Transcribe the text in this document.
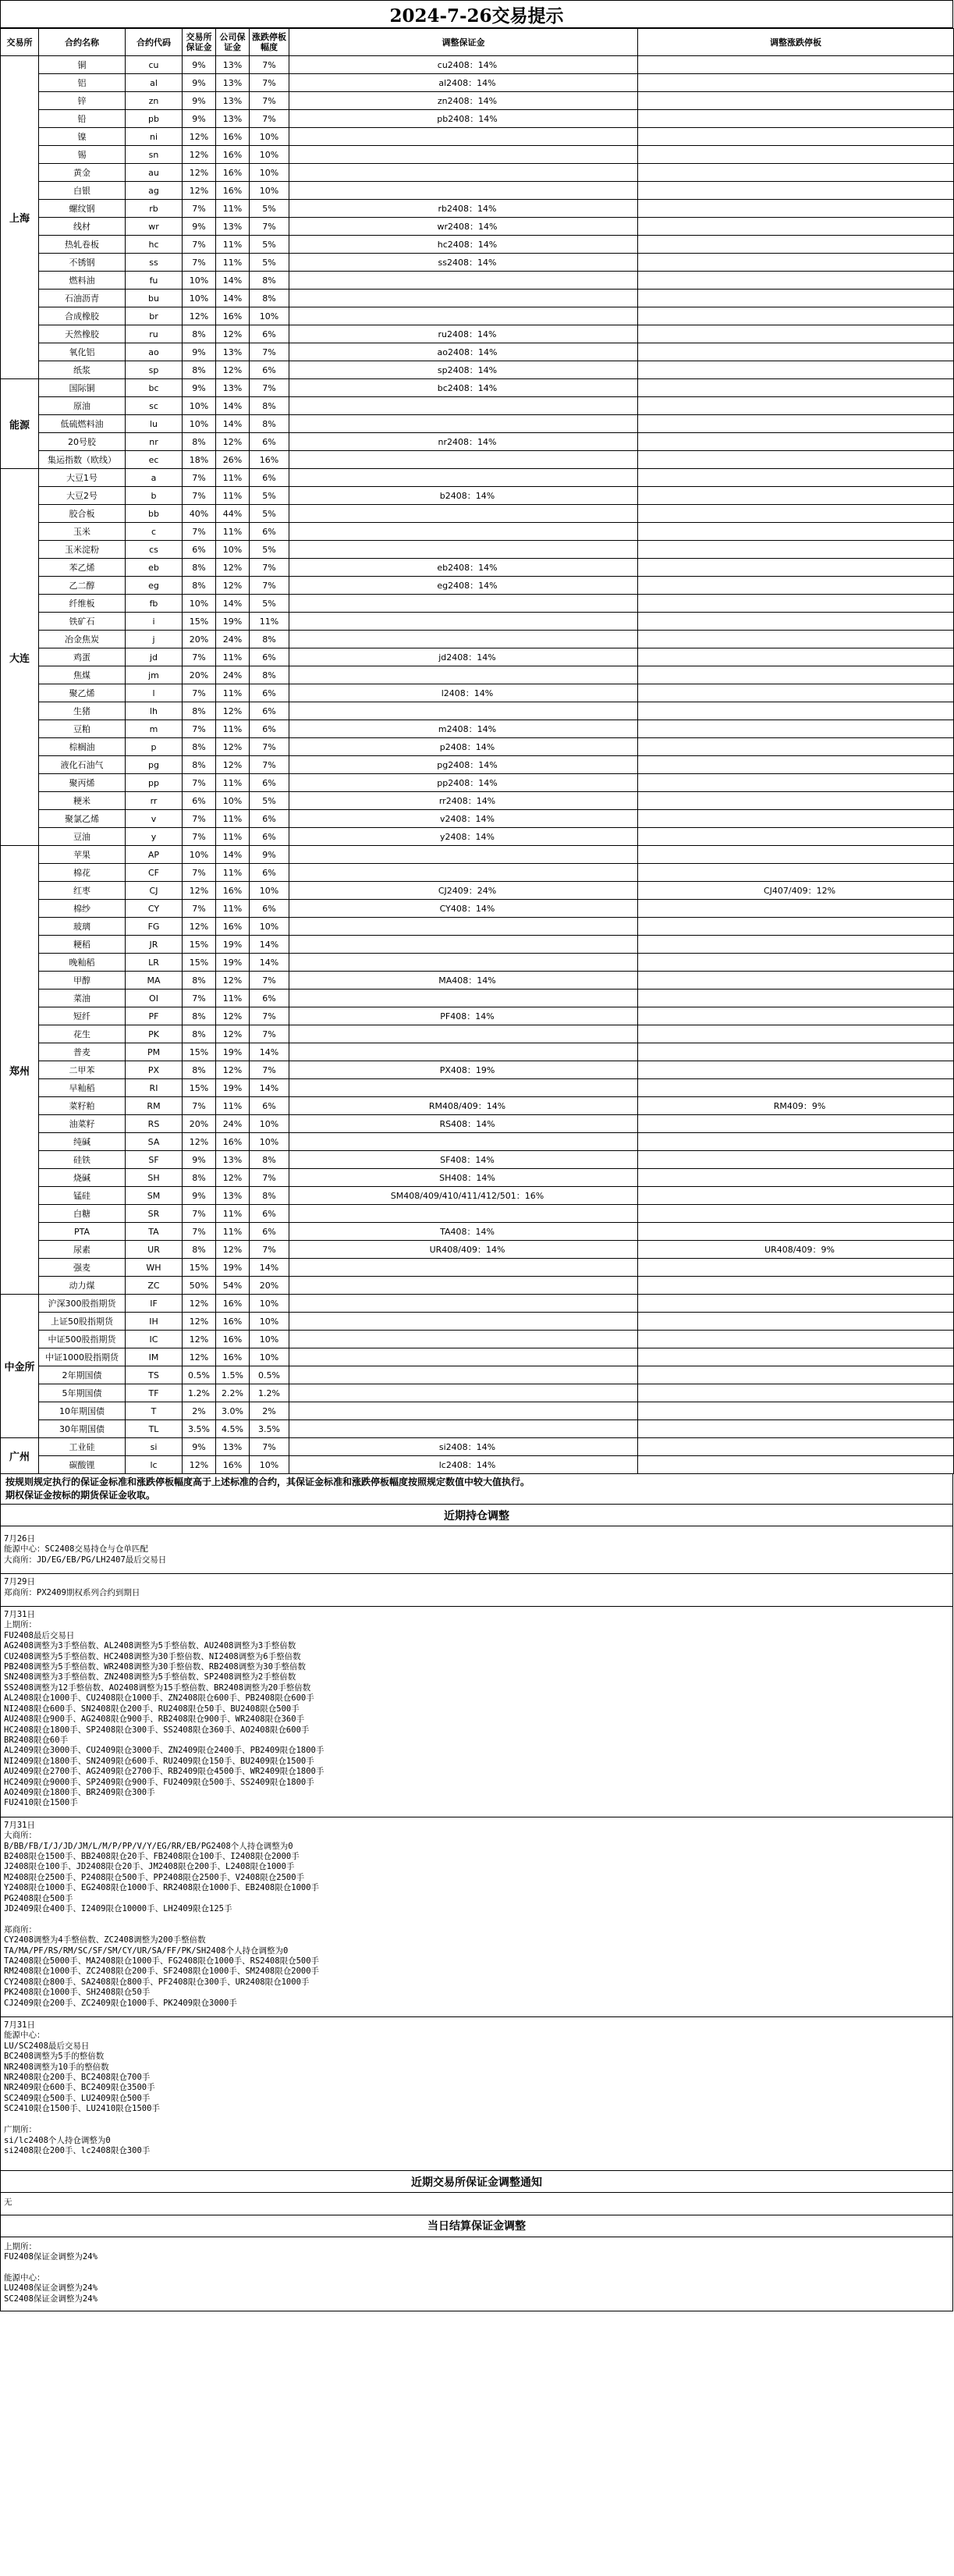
2024-7-26交易提示
交易所	合约名称	合约代码	交易所保证金	公司保证金	涨跌停板幅度	调整保证金	调整涨跌停板
上海	铜	cu	9%	13%	7%	cu2408：14%	
	铝	al	9%	13%	7%	al2408：14%	
	锌	zn	9%	13%	7%	zn2408：14%	
	铅	pb	9%	13%	7%	pb2408：14%	
	镍	ni	12%	16%	10%		
	锡	sn	12%	16%	10%		
	黄金	au	12%	16%	10%		
	白银	ag	12%	16%	10%		
	螺纹钢	rb	7%	11%	5%	rb2408：14%	
	线材	wr	9%	13%	7%	wr2408：14%	
	热轧卷板	hc	7%	11%	5%	hc2408：14%	
	不锈钢	ss	7%	11%	5%	ss2408：14%	
	燃料油	fu	10%	14%	8%		
	石油沥青	bu	10%	14%	8%		
	合成橡胶	br	12%	16%	10%		
	天然橡胶	ru	8%	12%	6%	ru2408：14%	
	氧化铝	ao	9%	13%	7%	ao2408：14%	
	纸浆	sp	8%	12%	6%	sp2408：14%	
能源	国际铜	bc	9%	13%	7%	bc2408：14%	
	原油	sc	10%	14%	8%		
	低硫燃料油	lu	10%	14%	8%		
	20号胶	nr	8%	12%	6%	nr2408：14%	
	集运指数（欧线）	ec	18%	26%	16%		
大连	大豆1号	a	7%	11%	6%		
	大豆2号	b	7%	11%	5%	b2408：14%	
	胶合板	bb	40%	44%	5%		
	玉米	c	7%	11%	6%		
	玉米淀粉	cs	6%	10%	5%		
	苯乙烯	eb	8%	12%	7%	eb2408：14%	
	乙二醇	eg	8%	12%	7%	eg2408：14%	
	纤维板	fb	10%	14%	5%		
	铁矿石	i	15%	19%	11%		
	冶金焦炭	j	20%	24%	8%		
	鸡蛋	jd	7%	11%	6%	jd2408：14%	
	焦煤	jm	20%	24%	8%		
	聚乙烯	l	7%	11%	6%	l2408：14%	
	生猪	lh	8%	12%	6%		
	豆粕	m	7%	11%	6%	m2408：14%	
	棕榈油	p	8%	12%	7%	p2408：14%	
	液化石油气	pg	8%	12%	7%	pg2408：14%	
	聚丙烯	pp	7%	11%	6%	pp2408：14%	
	粳米	rr	6%	10%	5%	rr2408：14%	
	聚氯乙烯	v	7%	11%	6%	v2408：14%	
	豆油	y	7%	11%	6%	y2408：14%	
郑州	苹果	AP	10%	14%	9%		
	棉花	CF	7%	11%	6%		
	红枣	CJ	12%	16%	10%	CJ2409：24%	CJ407/409：12%
	棉纱	CY	7%	11%	6%	CY408：14%	
	玻璃	FG	12%	16%	10%		
	粳稻	JR	15%	19%	14%		
	晚籼稻	LR	15%	19%	14%		
	甲醇	MA	8%	12%	7%	MA408：14%	
	菜油	OI	7%	11%	6%		
	短纤	PF	8%	12%	7%	PF408：14%	
	花生	PK	8%	12%	7%		
	普麦	PM	15%	19%	14%		
	二甲苯	PX	8%	12%	7%	PX408：19%	
	早籼稻	RI	15%	19%	14%		
	菜籽粕	RM	7%	11%	6%	RM408/409：14%	RM409：9%
	油菜籽	RS	20%	24%	10%	RS408：14%	
	纯碱	SA	12%	16%	10%		
	硅铁	SF	9%	13%	8%	SF408：14%	
	烧碱	SH	8%	12%	7%	SH408：14%	
	锰硅	SM	9%	13%	8%	SM408/409/410/411/412/501：16%	
	白糖	SR	7%	11%	6%		
	PTA	TA	7%	11%	6%	TA408：14%	
	尿素	UR	8%	12%	7%	UR408/409：14%	UR408/409：9%
	强麦	WH	15%	19%	14%		
	动力煤	ZC	50%	54%	20%		
中金所	沪深300股指期货	IF	12%	16%	10%		
	上证50股指期货	IH	12%	16%	10%		
	中证500股指期货	IC	12%	16%	10%		
	中证1000股指期货	IM	12%	16%	10%		
	2年期国债	TS	0.5%	1.5%	0.5%		
	5年期国债	TF	1.2%	2.2%	1.2%		
	10年期国债	T	2%	3.0%	2%		
	30年期国债	TL	3.5%	4.5%	3.5%		
广州	工业硅	si	9%	13%	7%	si2408：14%	
	碳酸锂	lc	12%	16%	10%	lc2408：14%	
按规则规定执行的保证金标准和涨跌停板幅度高于上述标准的合约，其保证金标准和涨跌停板幅度按照规定数值中较大值执行。
期权保证金按标的期货保证金收取。
近期持仓调整
7月26日
能源中心：SC2408交易持仓与仓单匹配
大商所：JD/EG/EB/PG/LH2407最后交易日
7月29日
郑商所：PX2409期权系列合约到期日
7月31日
上期所：
FU2408最后交易日
AG2408调整为3手整倍数、AL2408调整为5手整倍数、AU2408调整为3手整倍数
CU2408调整为5手整倍数、HC2408调整为30手整倍数、NI2408调整为6手整倍数
PB2408调整为5手整倍数、WR2408调整为30手整倍数、RB2408调整为30手整倍数
SN2408调整为3手整倍数、ZN2408调整为5手整倍数、SP2408调整为2手整倍数
SS2408调整为12手整倍数、AO2408调整为15手整倍数、BR2408调整为20手整倍数
AL2408限仓1000手、CU2408限仓1000手、ZN2408限仓600手、PB2408限仓600手
NI2408限仓600手、SN2408限仓200手、RU2408限仓50手、BU2408限仓500手
AU2408限仓900手、AG2408限仓900手、RB2408限仓900手、WR2408限仓360手
HC2408限仓1800手、SP2408限仓300手、SS2408限仓360手、AO2408限仓600手
BR2408限仓60手
AL2409限仓3000手、CU2409限仓3000手、ZN2409限仓2400手、PB2409限仓1800手
NI2409限仓1800手、SN2409限仓600手、RU2409限仓150手、BU2409限仓1500手
AU2409限仓2700手、AG2409限仓2700手、RB2409限仓4500手、WR2409限仓1800手
HC2409限仓9000手、SP2409限仓900手、FU2409限仓500手、SS2409限仓1800手
AO2409限仓1800手、BR2409限仓300手
FU2410限仓1500手
7月31日
大商所：
B/BB/FB/I/J/JD/JM/L/M/P/PP/V/Y/EG/RR/EB/PG2408个人持仓调整为0
B2408限仓1500手、BB2408限仓20手、FB2408限仓100手、I2408限仓2000手
J2408限仓100手、JD2408限仓20手、JM2408限仓200手、L2408限仓1000手
M2408限仓2500手、P2408限仓500手、PP2408限仓2500手、V2408限仓2500手
Y2408限仓1000手、EG2408限仓1000手、RR2408限仓1000手、EB2408限仓1000手
PG2408限仓500手
JD2409限仓400手、I2409限仓10000手、LH2409限仓125手
郑商所：
CY2408调整为4手整倍数、ZC2408调整为200手整倍数
TA/MA/PF/RS/RM/SC/SF/SM/CY/UR/SA/FF/PK/SH2408个人持仓调整为0
TA2408限仓5000手、MA2408限仓1000手、FG2408限仓1000手、RS2408限仓500手
RM2408限仓1000手、ZC2408限仓200手、SF2408限仓1000手、SM2408限仓2000手
CY2408限仓800手、SA2408限仓800手、PF2408限仓300手、UR2408限仓1000手
PK2408限仓1000手、SH2408限仓50手
CJ2409限仓200手、ZC2409限仓1000手、PK2409限仓3000手
7月31日
能源中心：
LU/SC2408最后交易日
BC2408调整为5手的整倍数
NR2408调整为10手的整倍数
NR2408限仓200手、BC2408限仓700手
NR2409限仓600手、BC2409限仓3500手
SC2409限仓500手、LU2409限仓500手
SC2410限仓1500手、LU2410限仓1500手
广期所：
si/lc2408个人持仓调整为0
si2408限仓200手、lc2408限仓300手
近期交易所保证金调整通知
无
当日结算保证金调整
上期所：
FU2408保证金调整为24%
能源中心：
LU2408保证金调整为24%
SC2408保证金调整为24%
